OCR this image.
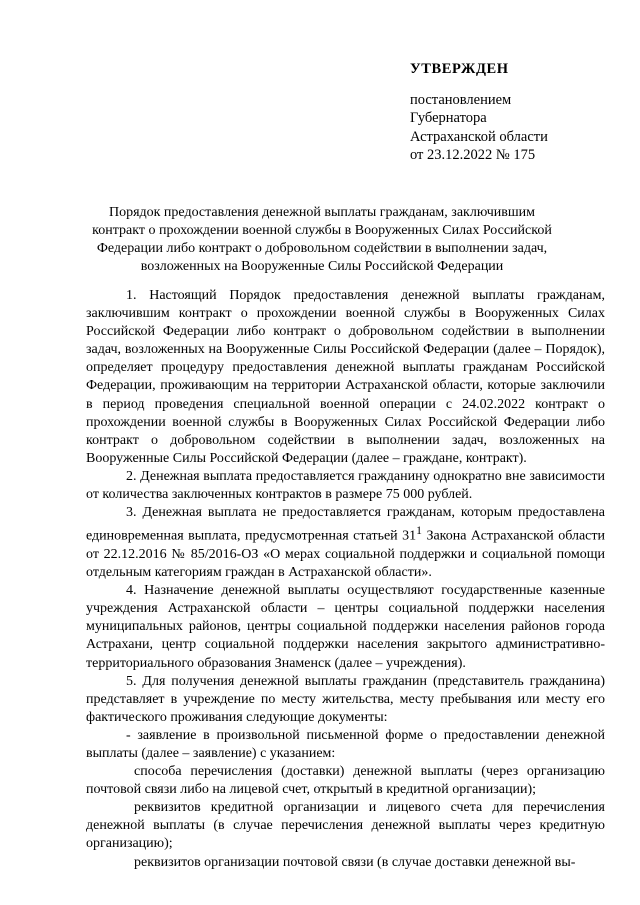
УТВЕРЖДЕН
постановлением
Губернатора
Астраханской области
от 23.12.2022 № 175
Порядок предоставления денежной выплаты гражданам, заключившим контракт о прохождении военной службы в Вооруженных Силах Российской Федерации либо контракт о добровольном содействии в выполнении задач, возложенных на Вооруженные Силы Российской Федерации

1. Настоящий Порядок предоставления денежной выплаты гражданам, заключившим контракт о прохождении военной службы в Вооруженных Силах Российской Федерации либо контракт о добровольном содействии в выполнении задач, возложенных на Вооруженные Силы Российской Федерации (далее – Порядок), определяет процедуру предоставления денежной выплаты гражданам Российской Федерации, проживающим на территории Астраханской области, которые заключили в период проведения специальной военной операции с 24.02.2022 контракт о прохождении военной службы в Вооруженных Силах Российской Федерации либо контракт о добровольном содействии в выполнении задач, возложенных на Вооруженные Силы Российской Федерации (далее – граждане, контракт).

2. Денежная выплата предоставляется гражданину однократно вне зависимости от количества заключенных контрактов в размере 75 000 рублей.

3. Денежная выплата не предоставляется гражданам, которым предоставлена единовременная выплата, предусмотренная статьей $31^1$ Закона Астраханской области от 22.12.2016 № 85/2016-ОЗ «О мерах социальной поддержки и социальной помощи отдельным категориям граждан в Астраханской области».

4. Назначение денежной выплаты осуществляют государственные казенные учреждения Астраханской области – центры социальной поддержки населения муниципальных районов, центры социальной поддержки населения районов города Астрахани, центр социальной поддержки населения закрытого административно-территориального образования Знаменск (далее – учреждения).

5. Для получения денежной выплаты гражданин (представитель гражданина) представляет в учреждение по месту жительства, месту пребывания или месту его фактического проживания следующие документы:

- заявление в произвольной письменной форме о предоставлении денежной выплаты (далее – заявление) с указанием:

способа перечисления (доставки) денежной выплаты (через организацию почтовой связи либо на лицевой счет, открытый в кредитной организации);

реквизитов кредитной организации и лицевого счета для перечисления денежной выплаты (в случае перечисления денежной выплаты через кредитную организацию);

реквизитов организации почтовой связи (в случае доставки денежной вы-
